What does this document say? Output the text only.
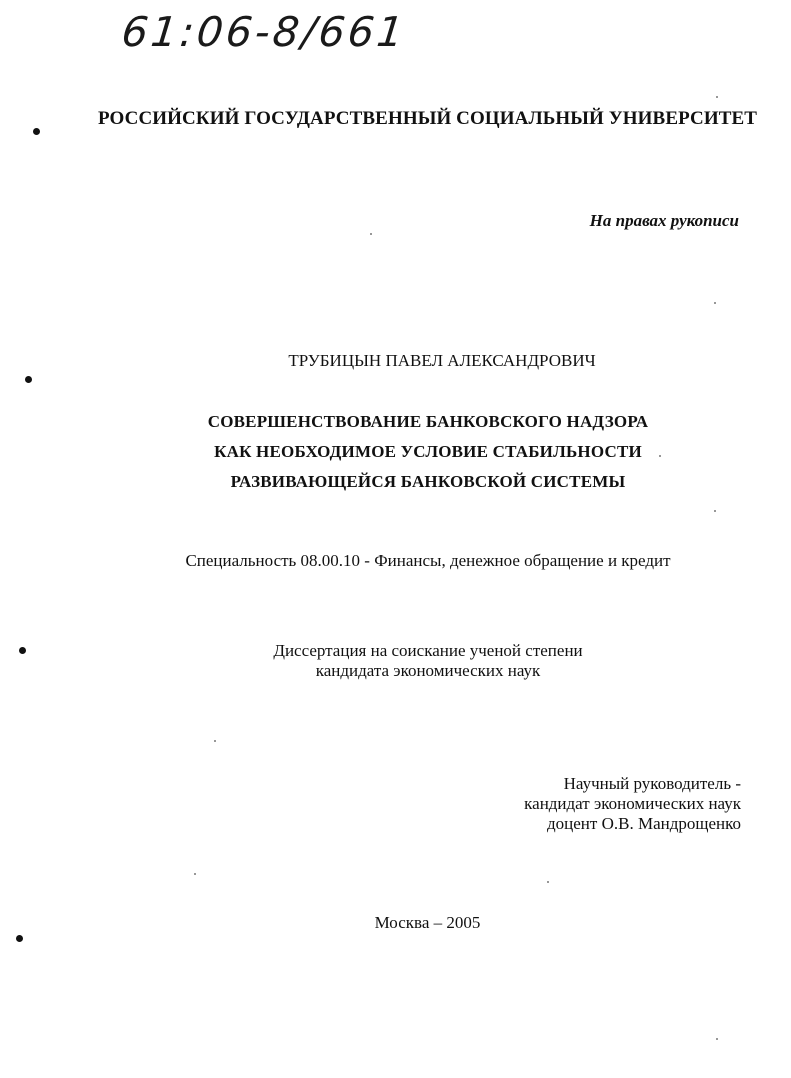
61:06-8/661
РОССИЙСКИЙ ГОСУДАРСТВЕННЫЙ СОЦИАЛЬНЫЙ УНИВЕРСИТЕТ
На правах рукописи
ТРУБИЦЫН ПАВЕЛ АЛЕКСАНДРОВИЧ
СОВЕРШЕНСТВОВАНИЕ БАНКОВСКОГО НАДЗОРА
КАК НЕОБХОДИМОЕ УСЛОВИЕ СТАБИЛЬНОСТИ
РАЗВИВАЮЩЕЙСЯ БАНКОВСКОЙ СИСТЕМЫ
Специальность 08.00.10 - Финансы, денежное обращение и кредит
Диссертация на соискание ученой степени
кандидата экономических наук
Научный руководитель -
кандидат экономических наук
доцент О.В. Мандрощенко
Москва – 2005
